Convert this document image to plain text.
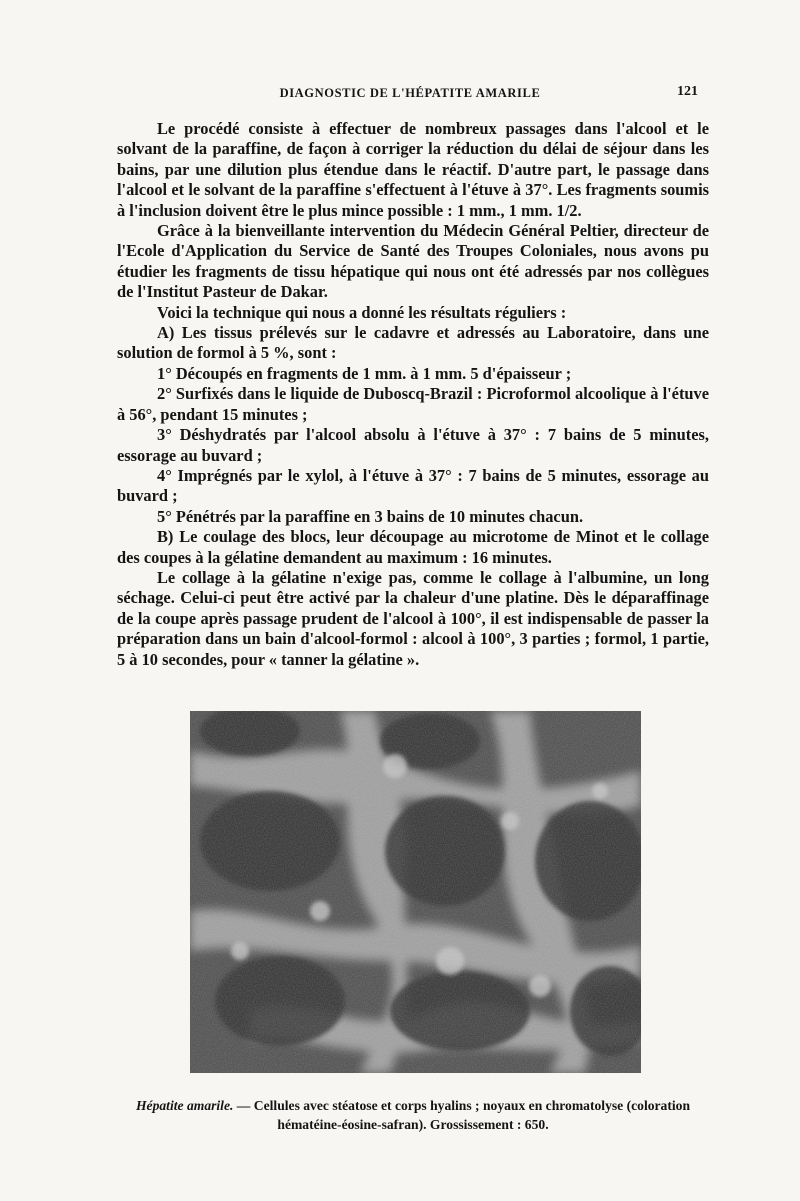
DIAGNOSTIC DE L'HÉPATITE AMARILE	121

Le procédé consiste à effectuer de nombreux passages dans l'alcool et le solvant de la paraffine, de façon à corriger la réduction du délai de séjour dans les bains, par une dilution plus étendue dans le réactif. D'autre part, le passage dans l'alcool et le solvant de la paraffine s'effectuent à l'étuve à 37°. Les fragments soumis à l'inclusion doivent être le plus mince possible : 1 mm., 1 mm. 1/2.

Grâce à la bienveillante intervention du Médecin Général Peltier, directeur de l'Ecole d'Application du Service de Santé des Troupes Coloniales, nous avons pu étudier les fragments de tissu hépatique qui nous ont été adressés par nos collègues de l'Institut Pasteur de Dakar.

Voici la technique qui nous a donné les résultats réguliers :

A) Les tissus prélevés sur le cadavre et adressés au Laboratoire, dans une solution de formol à 5 %, sont :

1° Découpés en fragments de 1 mm. à 1 mm. 5 d'épaisseur ;

2° Surfixés dans le liquide de Duboscq-Brazil : Picroformol alcoolique à l'étuve à 56°, pendant 15 minutes ;

3° Déshydratés par l'alcool absolu à l'étuve à 37° : 7 bains de 5 minutes, essorage au buvard ;

4° Imprégnés par le xylol, à l'étuve à 37° : 7 bains de 5 minutes, essorage au buvard ;

5° Pénétrés par la paraffine en 3 bains de 10 minutes chacun.

B) Le coulage des blocs, leur découpage au microtome de Minot et le collage des coupes à la gélatine demandent au maximum : 16 minutes.

Le collage à la gélatine n'exige pas, comme le collage à l'albumine, un long séchage. Celui-ci peut être activé par la chaleur d'une platine. Dès le déparaffinage de la coupe après passage prudent de l'alcool à 100°, il est indispensable de passer la préparation dans un bain d'alcool-formol : alcool à 100°, 3 parties ; formol, 1 partie, 5 à 10 secondes, pour « tanner la gélatine ».

Hépatite amarile. — Cellules avec stéatose et corps hyalins ; noyaux en chromatolyse (coloration hématéine-éosine-safran). Grossissement : 650.
